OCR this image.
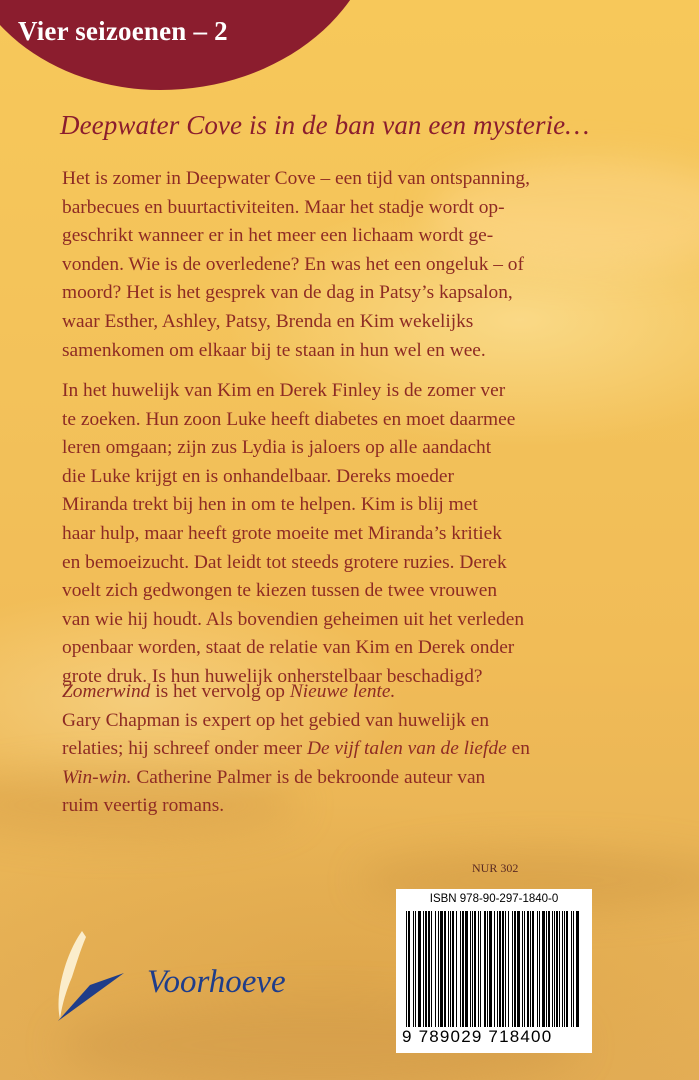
Vier seizoenen – 2

Deepwater Cove is in de ban van een mysterie…

Het is zomer in Deepwater Cove – een tijd van ontspanning,
barbecues en buurtactiviteiten. Maar het stadje wordt op-
geschrikt wanneer er in het meer een lichaam wordt ge-
vonden. Wie is de overledene? En was het een ongeluk – of
moord? Het is het gesprek van de dag in Patsy’s kapsalon,
waar Esther, Ashley, Patsy, Brenda en Kim wekelijks
samenkomen om elkaar bij te staan in hun wel en wee.

In het huwelijk van Kim en Derek Finley is de zomer ver
te zoeken. Hun zoon Luke heeft diabetes en moet daarmee
leren omgaan; zijn zus Lydia is jaloers op alle aandacht
die Luke krijgt en is onhandelbaar. Dereks moeder
Miranda trekt bij hen in om te helpen. Kim is blij met
haar hulp, maar heeft grote moeite met Miranda’s kritiek
en bemoeizucht. Dat leidt tot steeds grotere ruzies. Derek
voelt zich gedwongen te kiezen tussen de twee vrouwen
van wie hij houdt. Als bovendien geheimen uit het verleden
openbaar worden, staat de relatie van Kim en Derek onder
grote druk. Is hun huwelijk onherstelbaar beschadigd?

Zomerwind is het vervolg op Nieuwe lente.
Gary Chapman is expert op het gebied van huwelijk en
relaties; hij schreef onder meer De vijf talen van de liefde en
Win-win. Catherine Palmer is de bekroonde auteur van
ruim veertig romans.

NUR 302

ISBN 978-90-297-1840-0
9 789029 718400

Voorhoeve
